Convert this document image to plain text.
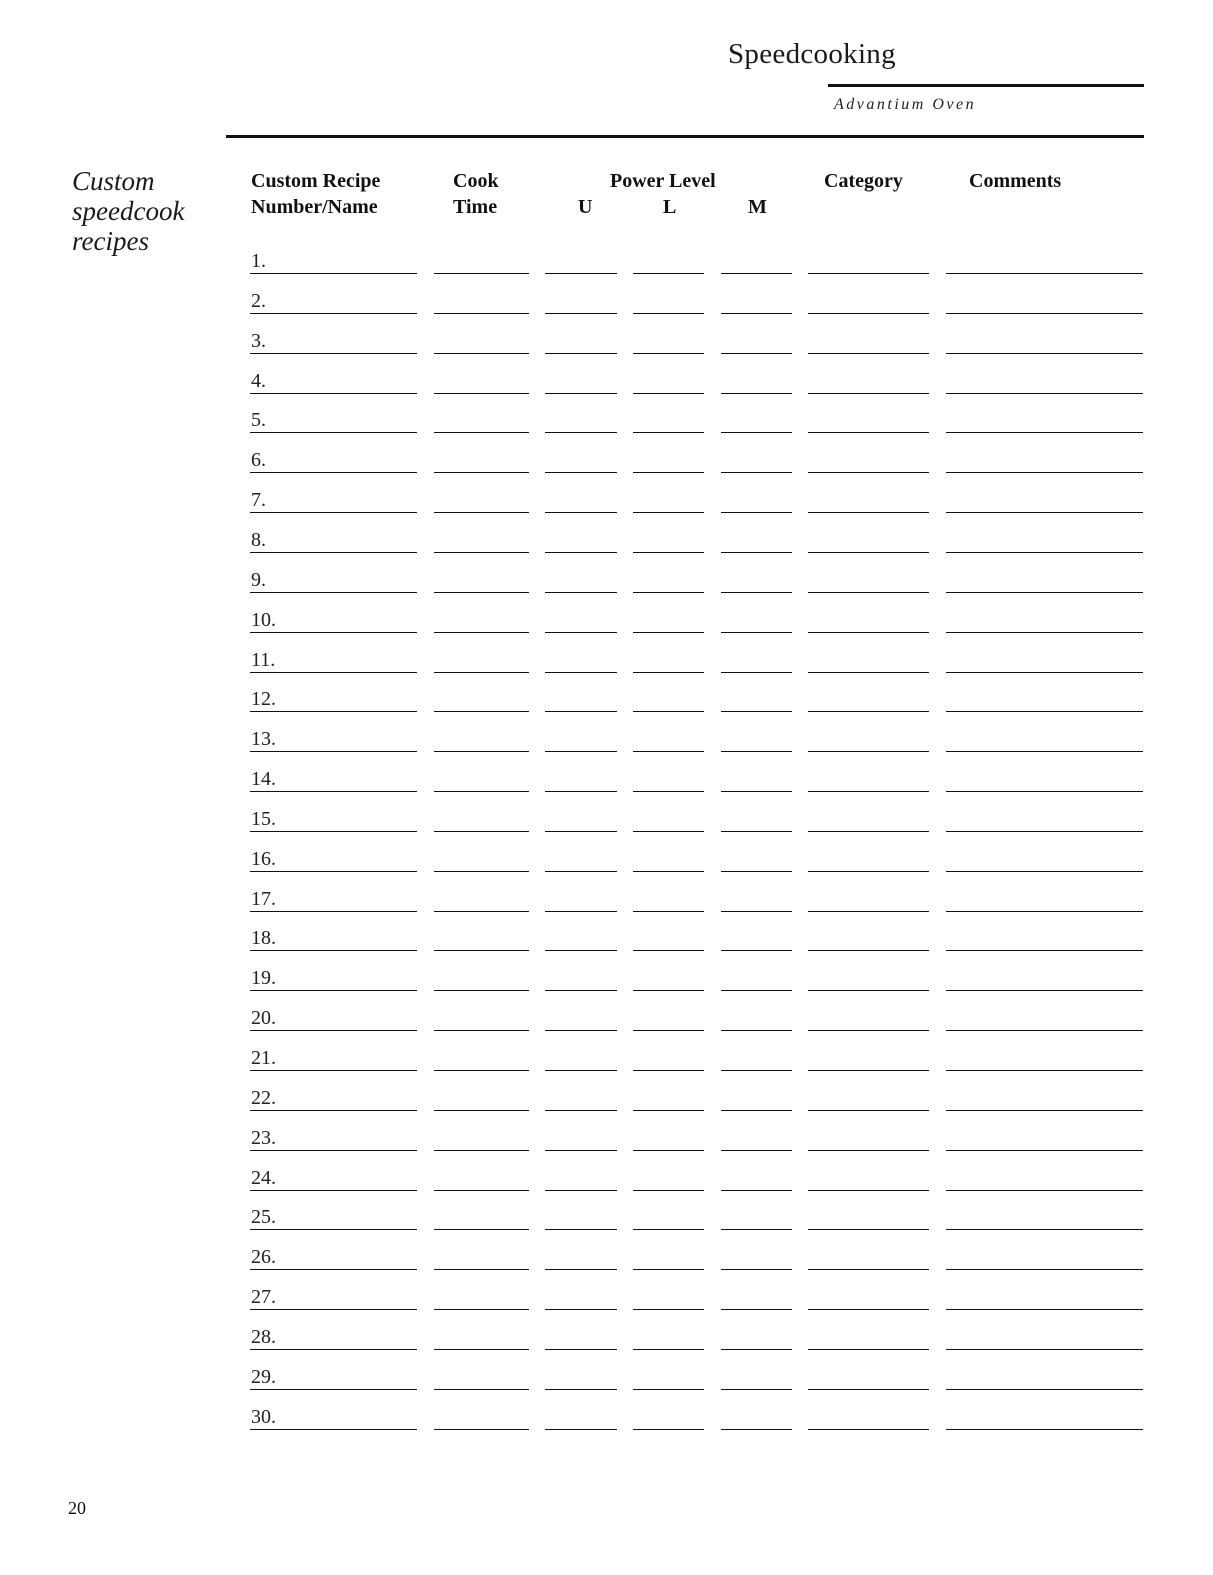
Speedcooking
Advantium Oven
Custom speedcook recipes
Custom Recipe
Number/Name
Cook
Time
Power Level
U	L	M
Category	Comments
1.
2.
3.
4.
5.
6.
7.
8.
9.
10.
11.
12.
13.
14.
15.
16.
17.
18.
19.
20.
21.
22.
23.
24.
25.
26.
27.
28.
29.
30.
20
